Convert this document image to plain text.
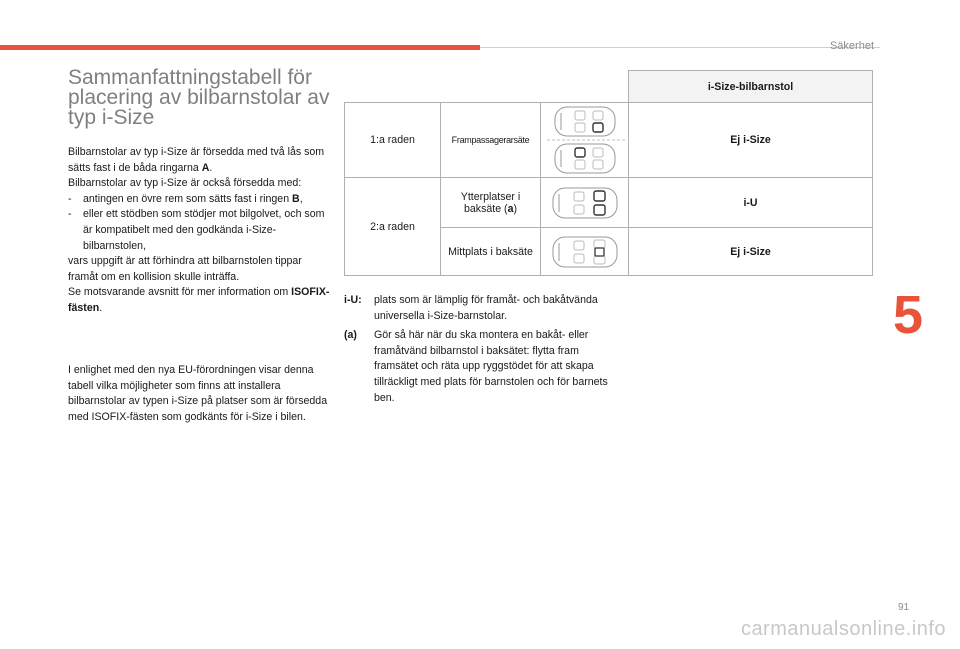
Säkerhet
5
91
carmanualsonline.info
Sammanfattningstabell för placering av bilbarnstolar av typ i-Size

Bilbarnstolar av typ i-Size är försedda med två lås som sätts fast i de båda ringarna A.
Bilbarnstolar av typ i-Size är också försedda med:
- antingen en övre rem som sätts fast i ringen B,
- eller ett stödben som stödjer mot bilgolvet, och som är kompatibelt med den godkända i-Size-bilbarnstolen,
vars uppgift är att förhindra att bilbarnstolen tippar framåt om en kollision skulle inträffa.
Se motsvarande avsnitt för mer information om ISOFIX-fästen.

I enlighet med den nya EU-förordningen visar denna tabell vilka möjligheter som finns att installera bilbarnstolar av typen i-Size på platser som är försedda med ISOFIX-fästen som godkänts för i-Size i bilen.

			i-Size-bilbarnstol
1:a raden	Frampassagerarsäte		Ej i-Size
2:a raden	Ytterplatser i baksäte (a)		i-U
	Mittplats i baksäte		Ej i-Size
i-U:	plats som är lämplig för framåt- och bakåtvända universella i-Size-barnstolar.
(a)	Gör så här när du ska montera en bakåt- eller framåtvänd bilbarnstol i baksätet: flytta fram framsätet och räta upp ryggstödet för att skapa tillräckligt med plats för barnstolen och för barnets ben.
